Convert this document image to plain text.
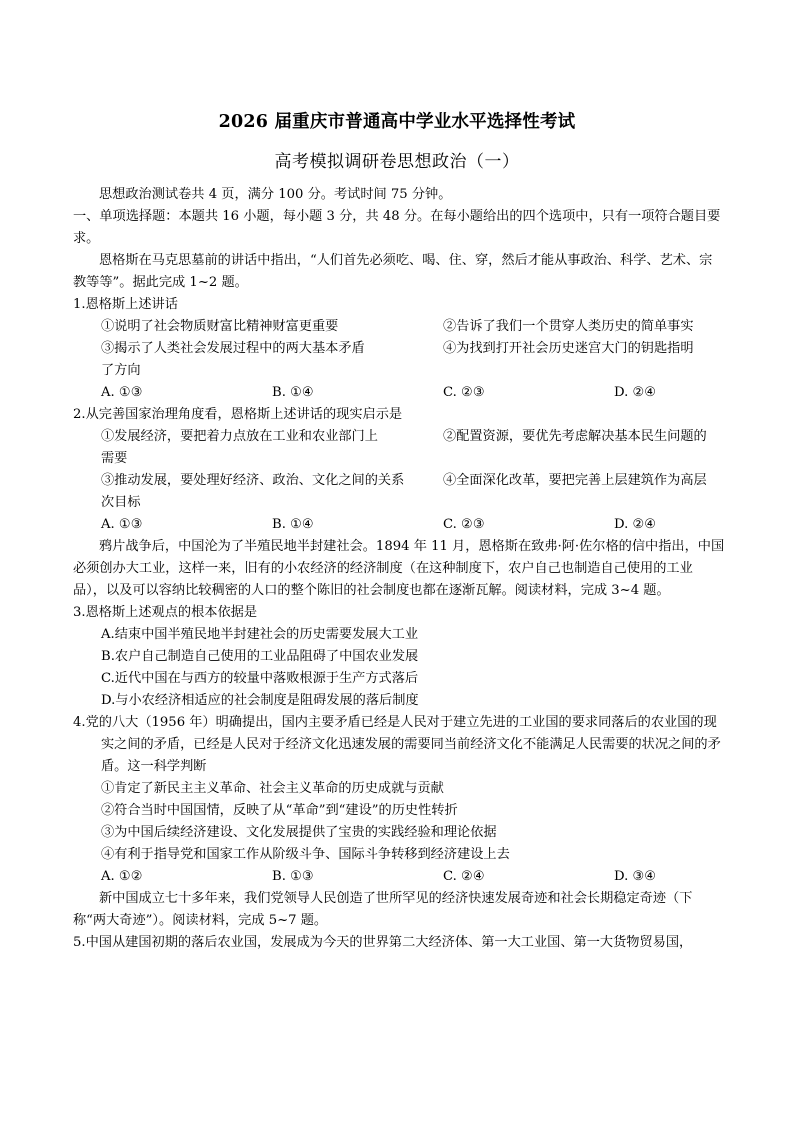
2026 届重庆市普通高中学业水平选择性考试
高考模拟调研卷思想政治（一）

思想政治测试卷共 4 页，满分 100 分。考试时间 75 分钟。

一、单项选择题：本题共 16 小题，每小题 3 分，共 48 分。在每小题给出的四个选项中，只有一项符合题目要求。

恩格斯在马克思墓前的讲话中指出，“人们首先必须吃、喝、住、穿，然后才能从事政治、科学、艺术、宗教等等”。据此完成 1~2 题。

1.恩格斯上述讲话

①说明了社会物质财富比精神财富更重要	②告诉了我们一个贯穿人类历史的简单事实
③揭示了人类社会发展过程中的两大基本矛盾	④为找到打开社会历史迷宫大门的钥匙指明
了方向
A. ①③	B. ①④	C. ②③	D. ②④

2.从完善国家治理角度看，恩格斯上述讲话的现实启示是

①发展经济，要把着力点放在工业和农业部门上	②配置资源，要优先考虑解决基本民生问题的
需要
③推动发展，要处理好经济、政治、文化之间的关系	④全面深化改革，要把完善上层建筑作为高层
次目标
A. ①③	B. ①④	C. ②③	D. ②④

鸦片战争后，中国沦为了半殖民地半封建社会。1894 年 11 月，恩格斯在致弗·阿·佐尔格的信中指出，中国必须创办大工业，这样一来，旧有的小农经济的经济制度（在这种制度下，农户自己也制造自己使用的工业品），以及可以容纳比较稠密的人口的整个陈旧的社会制度也都在逐渐瓦解。阅读材料，完成 3~4 题。

3.恩格斯上述观点的根本依据是

A.结束中国半殖民地半封建社会的历史需要发展大工业
B.农户自己制造自己使用的工业品阻碍了中国农业发展
C.近代中国在与西方的较量中落败根源于生产方式落后
D.与小农经济相适应的社会制度是阻碍发展的落后制度

4.党的八大（1956 年）明确提出，国内主要矛盾已经是人民对于建立先进的工业国的要求同落后的农业国的现实之间的矛盾，已经是人民对于经济文化迅速发展的需要同当前经济文化不能满足人民需要的状况之间的矛盾。这一科学判断

①肯定了新民主主义革命、社会主义革命的历史成就与贡献
②符合当时中国国情，反映了从“革命”到“建设”的历史性转折
③为中国后续经济建设、文化发展提供了宝贵的实践经验和理论依据
④有利于指导党和国家工作从阶级斗争、国际斗争转移到经济建设上去
A. ①②	B. ①③	C. ②④	D. ③④

新中国成立七十多年来，我们党领导人民创造了世所罕见的经济快速发展奇迹和社会长期稳定奇迹（下称“两大奇迹”）。阅读材料，完成 5~7 题。

5.中国从建国初期的落后农业国，发展成为今天的世界第二大经济体、第一大工业国、第一大货物贸易国，
